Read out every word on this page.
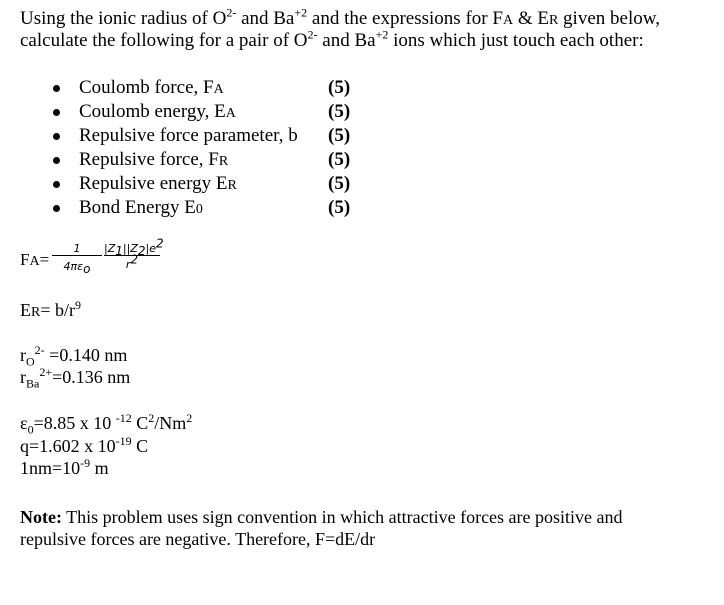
Using the ionic radius of $O^{2-}$ and $Ba^{+2}$ and the expressions for FA & ER given below,
calculate the following for a pair of $O^{2-}$ and $Ba^{+2}$ ions which just touch each other:
Coulomb force, FA	(5)
Coulomb energy, EA	(5)
Repulsive force parameter, b (5)
Repulsive force, FR	(5)
Repulsive energy ER	(5)
Bond Energy E0	(5)
FA=
1
$4\pi\varepsilon_o$
$|Z_1||Z_2|e^2$
$r^2$
$ER= b/r^9$
$r_O^{2-} =0.140$ nm
$r_{Ba}^{2+}=0.136$ nm
$\varepsilon_0=8.85$ x 10 $^{-12}$ $C^2/Nm^2$
q=1.602 x $10^{-19}$ C
$1nm=10^{-9}$ m
Note: This problem uses sign convention in which attractive forces are positive and
repulsive forces are negative. Therefore, F=dE/dr
